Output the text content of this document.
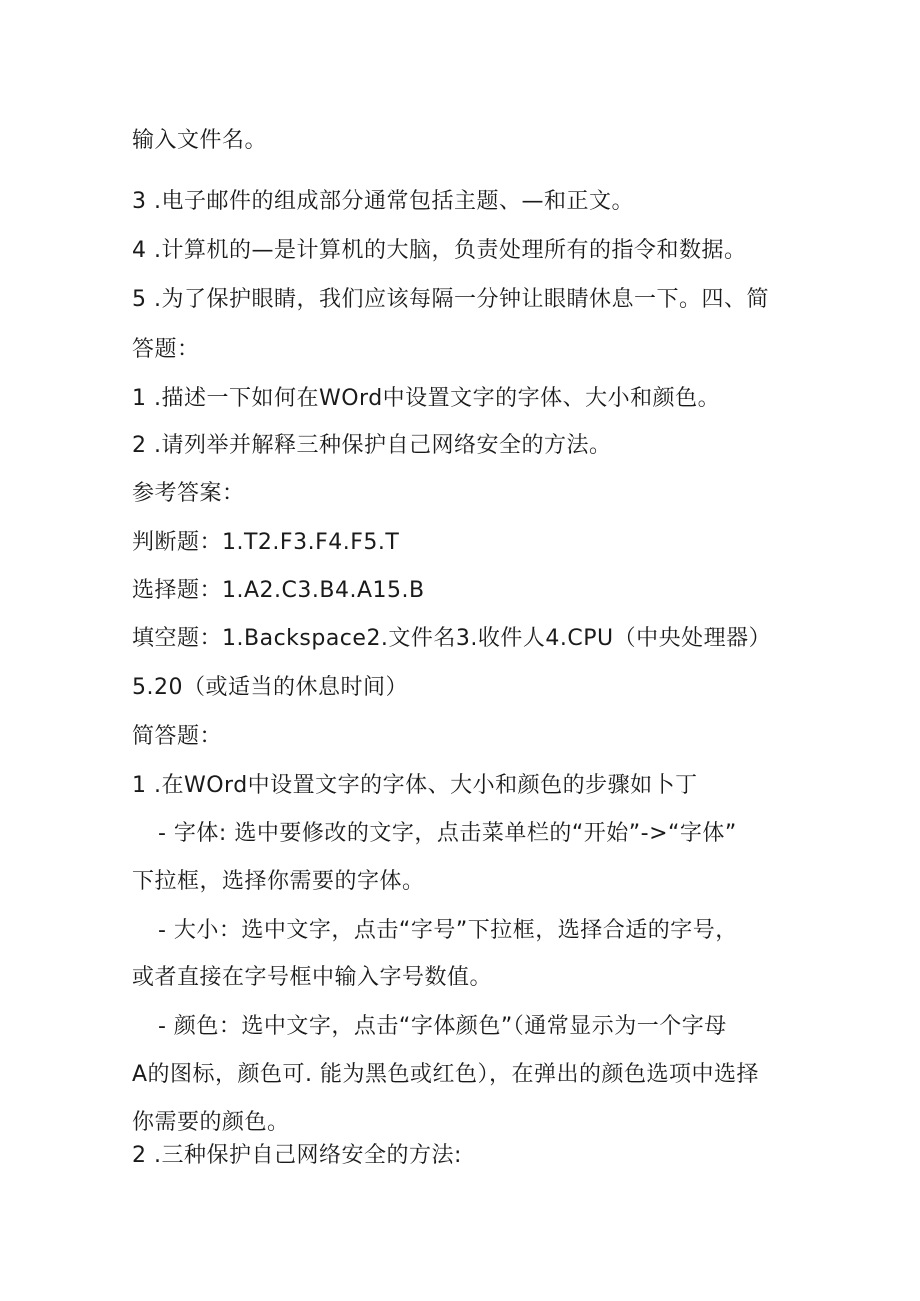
输入文件名。
3 .电子邮件的组成部分通常包括主题、—和正文。
4 .计算机的—是计算机的大脑，负责处理所有的指令和数据。
5 .为了保护眼睛，我们应该每隔一分钟让眼睛休息一下。四、简
答题：
1 .描述一下如何在WOrd中设置文字的字体、大小和颜色。
2 .请列举并解释三种保护自己网络安全的方法。
参考答案：
判断题：1.T2.F3.F4.F5.T
选择题：1.A2.C3.B4.A15.B
填空题：1.Backspace2.文件名3.收件人4.CPU（中央处理器）
5.20（或适当的休息时间）
简答题：
1 .在WOrd中设置文字的字体、大小和颜色的步骤如卜丁
- 字体: 选中要修改的文字，点击菜单栏的“开始”->“字体”
下拉框，选择你需要的字体。
- 大小：选中文字，点击“字号”下拉框，选择合适的字号，
或者直接在字号框中输入字号数值。
- 颜色：选中文字，点击“字体颜色”（通常显示为一个字母
A的图标，颜色可. 能为黑色或红色），在弹出的颜色选项中选择
你需要的颜色。
2 .三种保护自己网络安全的方法:
